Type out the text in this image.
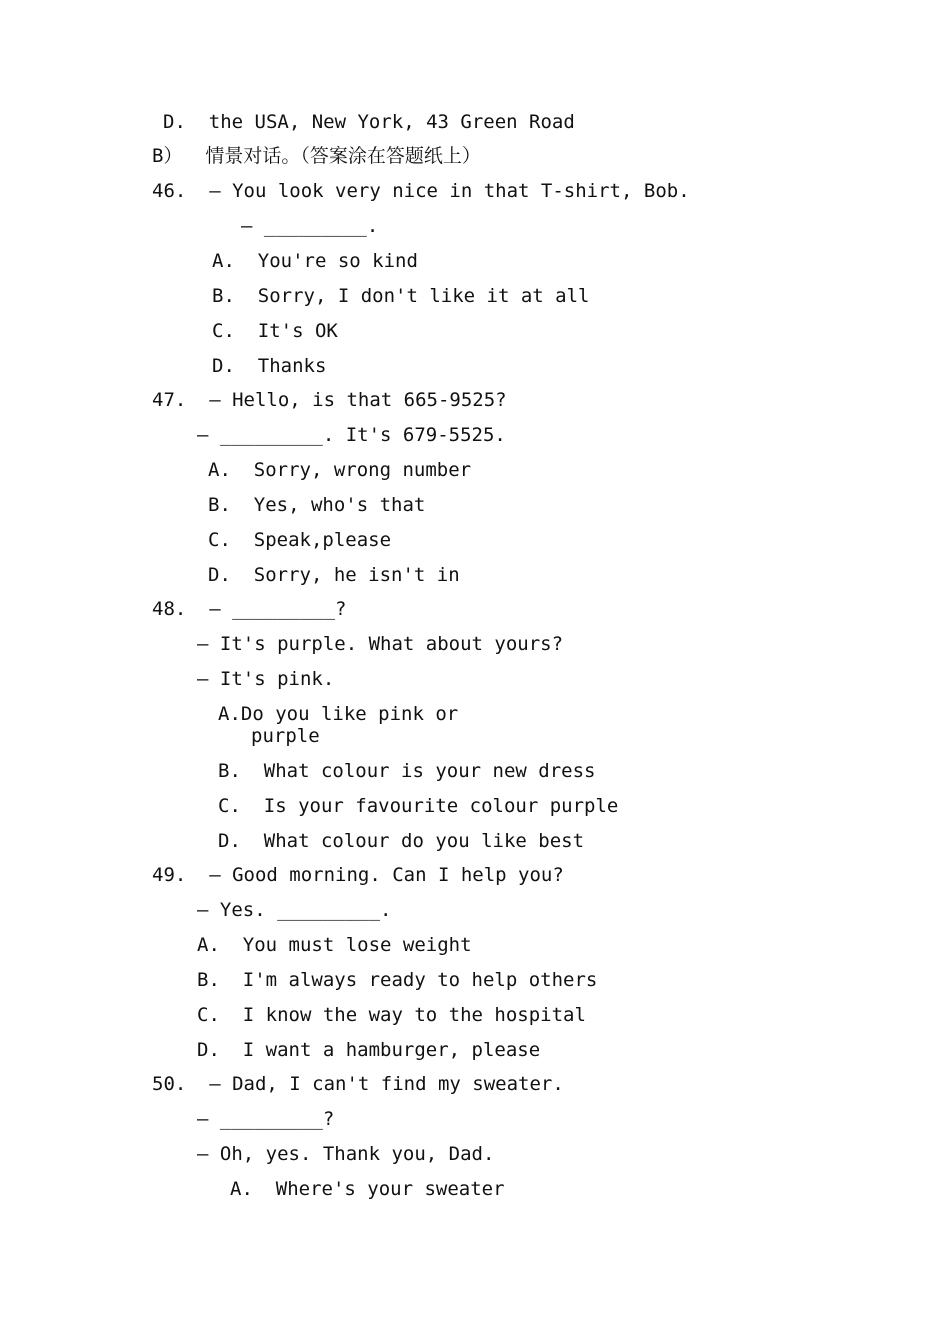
D.  the USA, New York, 43 Green Road
B）  情景对话。（答案涂在答题纸上）
46.  — You look very nice in that T-shirt, Bob.
— _________.
A.  You're so kind
B.  Sorry, I don't like it at all
C.  It's OK
D.  Thanks
47.  — Hello, is that 665-9525?
— _________. It's 679-5525.
A.  Sorry, wrong number
B.  Yes, who's that
C.  Speak,please
D.  Sorry, he isn't in
48.  — _________?
— It's purple. What about yours?
— It's pink.
A.Do you like pink or
purple
B.  What colour is your new dress
C.  Is your favourite colour purple
D.  What colour do you like best
49.  — Good morning. Can I help you?
— Yes. _________.
A.  You must lose weight
B.  I'm always ready to help others
C.  I know the way to the hospital
D.  I want a hamburger, please
50.  — Dad, I can't find my sweater.
— _________?
— Oh, yes. Thank you, Dad.
A.  Where's your sweater
